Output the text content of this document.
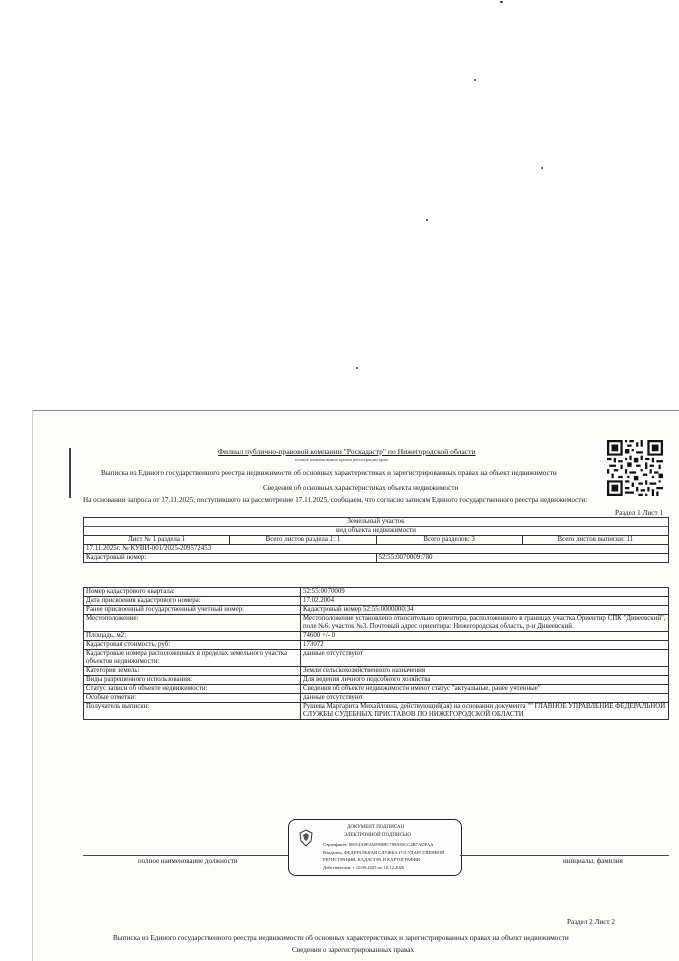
Филиал публично-правовой компании "Роскадастр" по Нижегородской области
полное наименование органа регистрации прав
Выписка из Единого государственного реестра недвижимости об основных характеристиках и зарегистрированных правах на объект недвижимости
Сведения об основных характеристиках объекта недвижимости
На основании запроса от 17.11.2025, поступившего на рассмотрение 17.11.2025, сообщаем, что согласно записям Единого государственного реестра недвижимости:
Раздел 1 Лист 1
Земельный участок
вид объекта недвижимости			

Лист № 1 раздела 1	Всего листов раздела 1: 1	Всего разделов: 3	Всего листов выписки: 11
17.11.2025г. № КУВИ-001/2025-209572453			
Кадастровый номер:		52:55:0070009:780	
Номер кадастрового квартала:	52:55:0070009
Дата присвоения кадастрового номера:	17.02.2004
Ранее присвоенный государственный учетный номер:	Кадастровый номер 52:55:0000000:34
Местоположение:	Местоположение установлено относительно ориентира, расположенного в границах участка.Ориентир СПК "Дивеевский", поле №6, участок №3. Почтовый адрес ориентира: Нижегородская область, р-н Дивеевский.
Площадь, м2:	74600 +/- 0
Кадастровая стоимость, руб:	173072
Кадастровые номера расположенных в пределах земельного участка объектов недвижимости:	данные отсутствуют
Категория земель:	Земли сельскохозяйственного назначения
Виды разрешенного использования:	Для ведения личного подсобного хозяйства
Статус записи об объекте недвижимости:	Сведения об объекте недвижимости имеют статус "актуальные, ранее учтенные"
Особые отметки:	данные отсутствуют
Получатель выписки:	Рушева Маргарита Михайловна, действующий(ая) на основании документа "" ГЛАВНОЕ УПРАВЛЕНИЕ ФЕДЕРАЛЬНОЙ СЛУЖБЫ СУДЕБНЫХ ПРИСТАВОВ ПО НИЖЕГОРОДСКОЙ ОБЛАСТИ
ДОКУМЕНТ ПОДПИСАН
ЭЛЕКТРОННОЙ ПОДПИСЬЮ
Сертификат: 00914A8F4A0950BC789A95CC4B7ADFAA
Владелец: ФЕДЕРАЛЬНАЯ СЛУЖБА ГОСУДАРСТВЕННОЙ
РЕГИСТРАЦИИ, КАДАСТРА И КАРТОГРАФИИ
Действителен: с 10.09.2025 по 10.12.2026
полное наименование должности	инициалы, фамилия
Раздел 2 Лист 2
Выписка из Единого государственного реестра недвижимости об основных характеристиках и зарегистрированных правах на объект недвижимости
Сведения о зарегистрированных правах
